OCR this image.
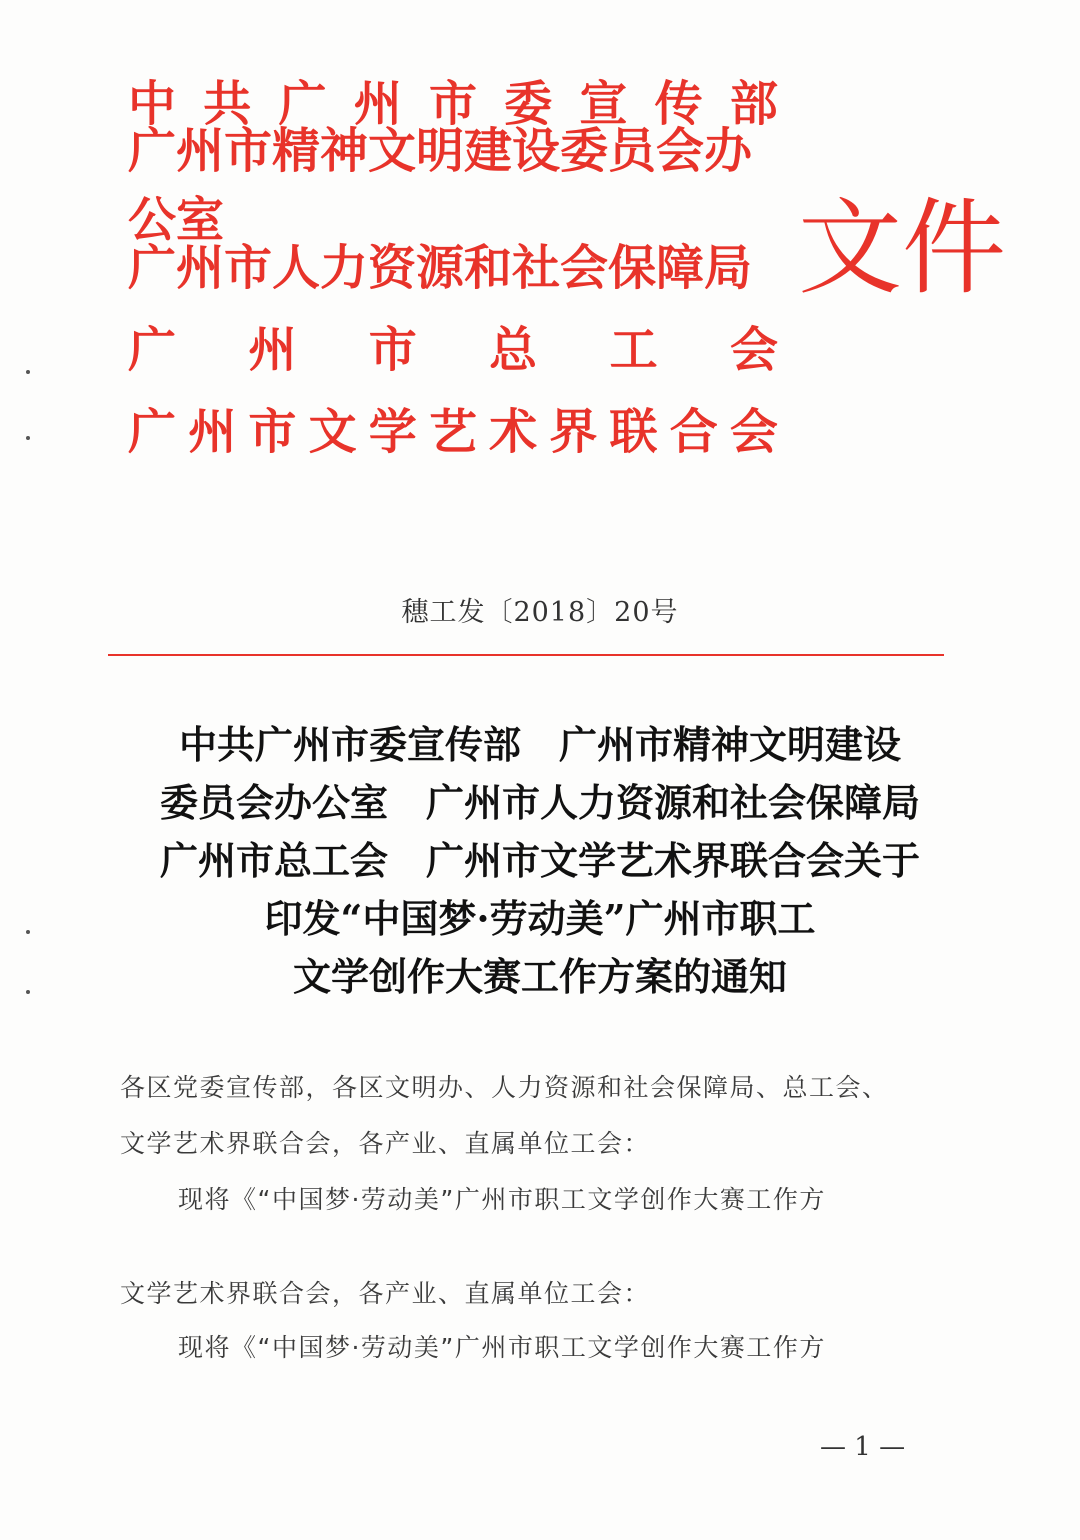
中 共 广 州 市 委 宣 传 部
广州市精神文明建设委员会办公室
广州市人力资源和社会保障局
广 州 市 总 工 会
广 州 市 文 学 艺 术 界 联 合 会
文件
穗工发〔2018〕20号
中共广州市委宣传部　广州市精神文明建设
委员会办公室　广州市人力资源和社会保障局
广州市总工会　广州市文学艺术界联合会关于
印发“中国梦·劳动美”广州市职工
文学创作大赛工作方案的通知
各区党委宣传部，各区文明办、人力资源和社会保障局、总工会、
文学艺术界联合会，各产业、直属单位工会：
现将《“中国梦·劳动美”广州市职工文学创作大赛工作方
文学艺术界联合会，各产业、直属单位工会：
现将《“中国梦·劳动美”广州市职工文学创作大赛工作方
— 1 —
